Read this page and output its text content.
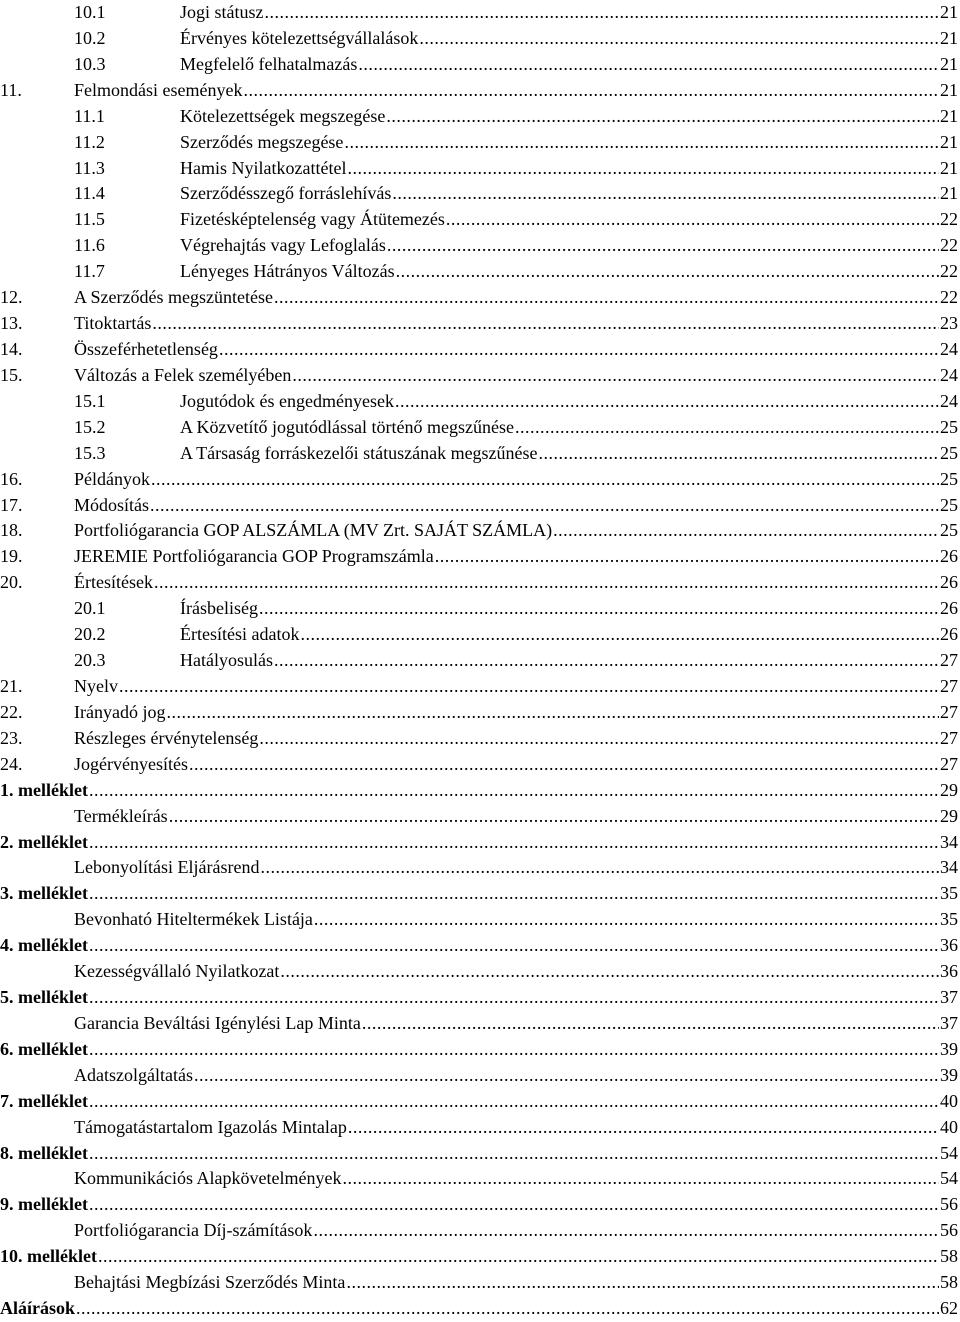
10.1	Jogi státusz . . .	21
10.2	Érvényes kötelezettségvállalások . . .	21
10.3	Megfelelő felhatalmazás . . .	21
11.	Felmondási események . . .	21
11.1	Kötelezettségek megszegése . . .	21
11.2	Szerződés megszegése . . .	21
11.3	Hamis Nyilatkozattétel . . .	21
11.4	Szerződésszegő forráslehívás . . .	21
11.5	Fizetésképtelenség vagy Átütemezés . . .	22
11.6	Végrehajtás vagy Lefoglalás . . .	22
11.7	Lényeges Hátrányos Változás . . .	22
12.	A Szerződés megszüntetése . . .	22
13.	Titoktartás . . .	23
14.	Összeférhetetlenség . . .	24
15.	Változás a Felek személyében . . .	24
15.1	Jogutódok és engedményesek . . .	24
15.2	A Közvetítő jogutódlással történő megszűnése . . .	25
15.3	A Társaság forráskezelői státuszának megszűnése . . .	25
16.	Példányok . . .	25
17.	Módosítás . . .	25
18.	Portfoliógarancia GOP ALSZÁMLA (MV Zrt. SAJÁT SZÁMLA) . . .	25
19.	JEREMIE Portfoliógarancia GOP Programszámla . . .	26
20.	Értesítések . . .	26
20.1	Írásbeliség . . .	26
20.2	Értesítési adatok . . .	26
20.3	Hatályosulás . . .	27
21.	Nyelv . . .	27
22.	Irányadó jog . . .	27
23.	Részleges érvénytelenség . . .	27
24.	Jogérvényesítés . . .	27
1. melléklet . . .	29
Termékleírás . . .	29
2. melléklet . . .	34
Lebonyolítási Eljárásrend . . .	34
3. melléklet . . .	35
Bevonható Hiteltermékek Listája . . .	35
4. melléklet . . .	36
Kezességvállaló Nyilatkozat . . .	36
5. melléklet . . .	37
Garancia Beváltási Igénylési Lap Minta . . .	37
6. melléklet . . .	39
Adatszolgáltatás . . .	39
7. melléklet . . .	40
Támogatástartalom Igazolás Mintalap . . .	40
8. melléklet . . .	54
Kommunikációs Alapkövetelmények . . .	54
9. melléklet . . .	56
Portfoliógarancia Díj-számítások . . .	56
10. melléklet . . .	58
Behajtási Megbízási Szerződés Minta . . .	58
Aláírások . . .	62
